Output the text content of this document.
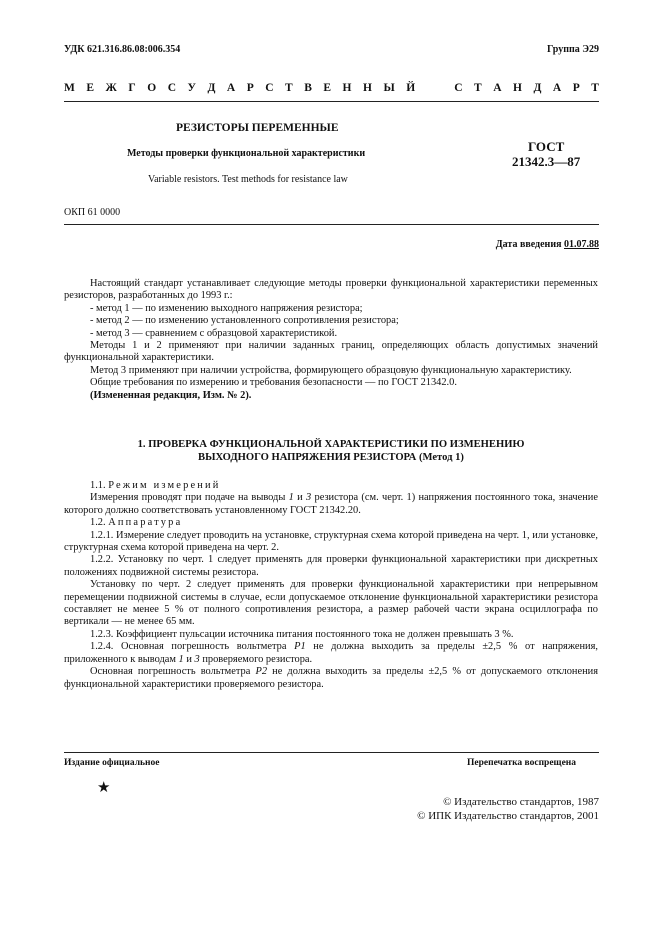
УДК 621.316.86.08:006.354	Группа Э29
М Е Ж Г О С У Д А Р С Т В Е Н Н Ы Й	С Т А Н Д А Р Т
РЕЗИСТОРЫ ПЕРЕМЕННЫЕ
Методы проверки функциональной характеристики
Variable resistors. Test methods for resistance law
ГОСТ
21342.3—87
ОКП 61 0000
Дата введения 01.07.88

Настоящий стандарт устанавливает следующие методы проверки функциональной характеристики переменных резисторов, разработанных до 1993 г.:

- метод 1 — по изменению выходного напряжения резистора;

- метод 2 — по изменению установленного сопротивления резистора;

- метод 3 — сравнением с образцовой характеристикой.

Методы 1 и 2 применяют при наличии заданных границ, определяющих область допустимых значений функциональной характеристики.

Метод 3 применяют при наличии устройства, формирующего образцовую функциональную характеристику.

Общие требования по измерению и требования безопасности — по ГОСТ 21342.0.

(Измененная редакция, Изм. № 2).

1. ПРОВЕРКА ФУНКЦИОНАЛЬНОЙ ХАРАКТЕРИСТИКИ ПО ИЗМЕНЕНИЮ
ВЫХОДНОГО НАПРЯЖЕНИЯ РЕЗИСТОРА (Метод 1)

1.1. Режим измерений

Измерения проводят при подаче на выводы 1 и 3 резистора (см. черт. 1) напряжения постоянного тока, значение которого должно соответствовать установленному ГОСТ 21342.20.

1.2. Аппаратура

1.2.1. Измерение следует проводить на установке, структурная схема которой приведена на черт. 1, или установке, структурная схема которой приведена на черт. 2.

1.2.2. Установку по черт. 1 следует применять для проверки функциональной характеристики при дискретных положениях подвижной системы резистора.

Установку по черт. 2 следует применять для проверки функциональной характеристики при непрерывном перемещении подвижной системы в случае, если допускаемое отклонение функциональной характеристики резистора составляет не менее 5 % от полного сопротивления резистора, а размер рабочей части экрана осциллографа по вертикали — не менее 65 мм.

1.2.3. Коэффициент пульсации источника питания постоянного тока не должен превышать 3 %.

1.2.4. Основная погрешность вольтметра P1 не должна выходить за пределы ±2,5 % от напряжения, приложенного к выводам 1 и 3 проверяемого резистора.

Основная погрешность вольтметра P2 не должна выходить за пределы ±2,5 % от допускаемого отклонения функциональной характеристики проверяемого резистора.

Издание официальное	Перепечатка воспрещена
★
© Издательство стандартов, 1987
© ИПК Издательство стандартов, 2001
